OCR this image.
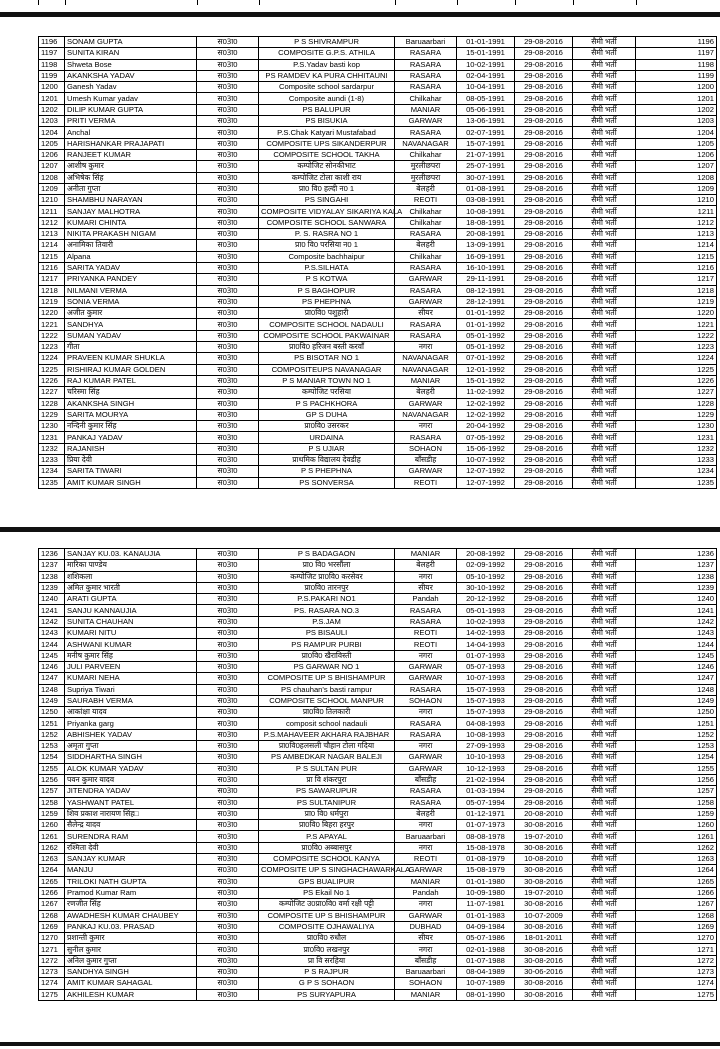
1196	SONAM GUPTA	स03ा0	P S SHIVRAMPUR	Baruaarbari	01-01-1991	29-08-2016	सैमी भर्ती	1196
1197	SUNITA KIRAN	स03ा0	COMPOSITE G.P.S. ATHILA	RASARA	15-01-1991	29-08-2016	सैमी भर्ती	1197
1198	Shweta Bose	स03ा0	P.S.Yadav basti kop	RASARA	10-02-1991	29-08-2016	सैमी भर्ती	1198
1199	AKANKSHA YADAV	स03ा0	PS RAMDEV KA PURA CHHITAUNI	RASARA	02-04-1991	29-08-2016	सैमी भर्ती	1199
1200	Ganesh Yadav	स03ा0	Composite school sardarpur	RASARA	10-04-1991	29-08-2016	सैमी भर्ती	1200
1201	Umesh Kumar yadav	स03ा0	Composite aundi (1-8)	Chilkahar	08-05-1991	29-08-2016	सैमी भर्ती	1201
1202	DILIP KUMAR GUPTA	स03ा0	PS BALUPUR	MANIAR	05-06-1991	29-08-2016	सैमी भर्ती	1202
1203	PRITI VERMA	स03ा0	PS BISUKIA	GARWAR	13-06-1991	29-08-2016	सैमी भर्ती	1203
1204	Anchal	स03ा0	P.S.Chak Katyari Mustafabad	RASARA	02-07-1991	29-08-2016	सैमी भर्ती	1204
1205	HARISHANKAR PRAJAPATI	स03ा0	COMPOSITE UPS SIKANDERPUR	NAVANAGAR	15-07-1991	29-08-2016	सैमी भर्ती	1205
1206	RANJEET KUMAR	स03ा0	COMPOSITE SCHOOL TAKHA	Chilkahar	21-07-1991	29-08-2016	सैमी भर्ती	1206
1207	आशीष कुमार	स03ा0	कम्पोजिट सोनकीभाट	मुरलीछपरा	25-07-1991	29-08-2016	सैमी भर्ती	1207
1208	अभिषेक सिंह	स03ा0	कम्पोजिट टोला काशी राय	मुरलीछपरा	30-07-1991	29-08-2016	सैमी भर्ती	1208
1209	अनीता गुप्ता	स03ा0	प्रा0 वि0 हल्दी न0 1	बेलहरी	01-08-1991	29-08-2016	सैमी भर्ती	1209
1210	SHAMBHU NARAYAN	स03ा0	PS SINGAHI	REOTI	03-08-1991	29-08-2016	सैमी भर्ती	1210
1211	SANJAY MALHOTRA	स03ा0	COMPOSITE VIDYALAY SIKARIYA KALA	Chilkahar	10-08-1991	29-08-2016	सैमी भर्ती	1211
1212	KUMARI CHINTA	स03ा0	COMPOSITE SCHOOL SANWARA	Chilkahar	18-08-1991	29-08-2016	सैमी भर्ती	1212
1213	NIKITA PRAKASH NIGAM	स03ा0	P. S. RASRA NO 1	RASARA	20-08-1991	29-08-2016	सैमी भर्ती	1213
1214	अनामिका तिवारी	स03ा0	प्रा0 वि0 परसिया न0 1	बेलहरी	13-09-1991	29-08-2016	सैमी भर्ती	1214
1215	Alpana	स03ा0	Composite bachhaipur	Chilkahar	16-09-1991	29-08-2016	सैमी भर्ती	1215
1216	SARITA YADAV	स03ा0	P.S.SILHATA	RASARA	16-10-1991	29-08-2016	सैमी भर्ती	1216
1217	PRIYANKA PANDEY	स03ा0	P S KOTWA	GARWAR	29-11-1991	29-08-2016	सैमी भर्ती	1217
1218	NILMANI VERMA	स03ा0	P S BAGHOPUR	RASARA	08-12-1991	29-08-2016	सैमी भर्ती	1218
1219	SONIA VERMA	स03ा0	PS PHEPHNA	GARWAR	28-12-1991	29-08-2016	सैमी भर्ती	1219
1220	अजीत कुमार	स03ा0	प्रा0वि0 पशुहारी	सीयर	01-01-1992	29-08-2016	सैमी भर्ती	1220
1221	SANDHYA	स03ा0	COMPOSITE SCHOOL NADAULI	RASARA	01-01-1992	29-08-2016	सैमी भर्ती	1221
1222	SUMAN YADAV	स03ा0	COMPOSITE SCHOOL PAKWAINAR	RASARA	05-01-1992	29-08-2016	सैमी भर्ती	1222
1223	गीता	स03ा0	प्रा0वि0 हरिजन बस्ती करवाँ	नगरा	05-01-1992	29-08-2016	सैमी भर्ती	1223
1224	PRAVEEN KUMAR SHUKLA	स03ा0	PS BISOTAR NO 1	NAVANAGAR	07-01-1992	29-08-2016	सैमी भर्ती	1224
1225	RISHIRAJ KUMAR GOLDEN	स03ा0	COMPOSITEUPS NAVANAGAR	NAVANAGAR	12-01-1992	29-08-2016	सैमी भर्ती	1225
1226	RAJ KUMAR PATEL	स03ा0	P S MANIAR TOWN NO 1	MANIAR	15-01-1992	29-08-2016	सैमी भर्ती	1226
1227	चरिस्मा सिंह	स03ा0	कम्पोजिट परसिया	बेलहरी	11-02-1992	29-08-2016	सैमी भर्ती	1227
1228	AKANKSHA SINGH	स03ा0	P S PACHKHORA	GARWAR	12-02-1992	29-08-2016	सैमी भर्ती	1228
1229	SARITA MOURYA	स03ा0	GP S DUHA	NAVANAGAR	12-02-1992	29-08-2016	सैमी भर्ती	1229
1230	नन्दिनी कुमार सिंह	स03ा0	प्रा0वि0 उसरकर	नगरा	20-04-1992	29-08-2016	सैमी भर्ती	1230
1231	PANKAJ YADAV	स03ा0	URDAINA	RASARA	07-05-1992	29-08-2016	सैमी भर्ती	1231
1232	RAJANISH	स03ा0	P S UJIAR	SOHAON	15-06-1992	29-08-2016	सैमी भर्ती	1232
1233	प्रिया देवी	स03ा0	प्राथमिक विद्यालय देवडीह	बाँसडीह	10-07-1992	29-08-2016	सैमी भर्ती	1233
1234	SARITA TIWARI	स03ा0	P S PHEPHNA	GARWAR	12-07-1992	29-08-2016	सैमी भर्ती	1234
1235	AMIT KUMAR SINGH	स03ा0	PS SONVERSA	REOTI	12-07-1992	29-08-2016	सैमी भर्ती	1235
1236	SANJAY KU.03. KANAUJIA	स03ा0	P S BADAGAON	MANIAR	20-08-1992	29-08-2016	सैमी भर्ती	1236
1237	मारिका पाण्डेय	स03ा0	प्रा0 वि0 भरसौंला	बेलहरी	02-09-1992	29-08-2016	सैमी भर्ती	1237
1238	शशिकला	स03ा0	कम्पोजिट प्रा0वि0 करसेवर	नगरा	05-10-1992	29-08-2016	सैमी भर्ती	1238
1239	अमित कुमार भारती	स03ा0	प्रा0वि0 तारनपुर	सीयर	30-10-1992	29-08-2016	सैमी भर्ती	1239
1240	ARATI GUPTA	स03ा0	P.S.PAKARI NO1	Pandah	20-12-1992	29-08-2016	सैमी भर्ती	1240
1241	SANJU KANNAUJIA	स03ा0	PS. RASARA NO.3	RASARA	05-01-1993	29-08-2016	सैमी भर्ती	1241
1242	SUNITA CHAUHAN	स03ा0	P.S.JAM	RASARA	10-02-1993	29-08-2016	सैमी भर्ती	1242
1243	KUMARI NITU	स03ा0	PS BISAULI	REOTI	14-02-1993	29-08-2016	सैमी भर्ती	1243
1244	ASHWANI KUMAR	स03ा0	PS RAMPUR PURBI	REOTI	14-04-1993	29-08-2016	सैमी भर्ती	1244
1245	मनीष कुमार सिंह	स03ा0	प्रा0वि0 खैराविस्ती	नगरा	01-07-1993	29-08-2016	सैमी भर्ती	1245
1246	JULI PARVEEN	स03ा0	PS GARWAR NO 1	GARWAR	05-07-1993	29-08-2016	सैमी भर्ती	1246
1247	KUMARI NEHA	स03ा0	COMPOSITE UP S BHISHAMPUR	GARWAR	10-07-1993	29-08-2016	सैमी भर्ती	1247
1248	Supriya Tiwari	स03ा0	PS chauhan's basti rampur	RASARA	15-07-1993	29-08-2016	सैमी भर्ती	1248
1249	SAURABH VERMA	स03ा0	COMPOSITE SCHOOL MANPUR	SOHAON	15-07-1993	29-08-2016	सैमी भर्ती	1249
1250	आकांक्षा यादव	स03ा0	प्रा0वि0 तिलकारी	नगरा	15-07-1993	29-08-2016	सैमी भर्ती	1250
1251	Priyanka garg	स03ा0	composit school nadauli	RASARA	04-08-1993	29-08-2016	सैमी भर्ती	1251
1252	ABHISHEK YADAV	स03ा0	P.S.MAHAVEER AKHARA RAJBHAR	RASARA	10-08-1993	29-08-2016	सैमी भर्ती	1252
1253	अमृता गुप्ता	स03ा0	प्रा0वि0हलसली चौहान टोला गदिया	नगरा	27-09-1993	29-08-2016	सैमी भर्ती	1253
1254	SIDDHARTHA SINGH	स03ा0	PS AMBEDKAR NAGAR BALEJI	GARWAR	10-10-1993	29-08-2016	सैमी भर्ती	1254
1255	ALOK KUMAR YADAV	स03ा0	P S SULTAN PUR	GARWAR	10-12-1993	29-08-2016	सैमी भर्ती	1255
1256	पवन कुमार यादव	स03ा0	प्रा वि शंकरपुरा	बाँसडीह	21-02-1994	29-08-2016	सैमी भर्ती	1256
1257	JITENDRA YADAV	स03ा0	PS SAWARUPUR	RASARA	01-03-1994	29-08-2016	सैमी भर्ती	1257
1258	YASHWANT PATEL	स03ा0	PS SULTANIPUR	RASARA	05-07-1994	29-08-2016	सैमी भर्ती	1258
1259	शिव प्रकाश नारायण सिंह□	स03ा0	प्रा0 वि0 धर्मपुरा	बेलहरी	01-12-1971	20-08-2010	सैमी भर्ती	1259
1260	सैलेन्द्र यादव	स03ा0	प्रा0वि0 बिहरा हरपुर	नगरा	01-07-1973	30-08-2016	सैमी भर्ती	1260
1261	SURENDRA RAM	स03ा0	P.S APAYAL	Baruaarbari	08-08-1978	19-07-2010	सैमी भर्ती	1261
1262	रश्मिता देवी	स03ा0	प्रा0वि0 अब्बासपुर	नगरा	15-08-1978	30-08-2016	सैमी भर्ती	1262
1263	SANJAY KUMAR	स03ा0	COMPOSITE SCHOOL KANYA	REOTI	01-08-1979	10-08-2010	सैमी भर्ती	1263
1264	MANJU	स03ा0	COMPOSITE UP S SINGHACHAWARKALA	GARWAR	15-08-1979	30-08-2016	सैमी भर्ती	1264
1265	TRILOKI NATH GUPTA	स03ा0	GPS BUALIPUR	MANIAR	01-01-1980	30-08-2016	सैमी भर्ती	1265
1266	Pramod Kumar Ram	स03ा0	PS Ekail No 1	Pandah	10-09-1980	19-07-2010	सैमी भर्ती	1266
1267	रणजीत सिंह	स03ा0	कम्पोजिट उ0प्रा0वि0 वर्मा रक्षी पट्टी	नगरा	11-07-1981	30-08-2016	सैमी भर्ती	1267
1268	AWADHESH KUMAR CHAUBEY	स03ा0	COMPOSITE UP S BHISHAMPUR	GARWAR	01-01-1983	10-07-2009	सैमी भर्ती	1268
1269	PANKAJ KU.03. PRASAD	स03ा0	COMPOSITE OJHAWALIYA	DUBHAD	04-09-1984	30-08-2016	सैमी भर्ती	1269
1270	प्रशान्ती कुमार	स03ा0	प्रा0वि0 रुधौल	सीयर	05-07-1986	18-01-2011	सैमी भर्ती	1270
1271	सुनील कुमार	स03ा0	प्रा0वि0 लखनपुर	नगरा	02-01-1988	30-08-2016	सैमी भर्ती	1271
1272	अनिल कुमार गुप्ता	स03ा0	प्रा वि सरहिया	बाँसडीह	01-07-1988	30-08-2016	सैमी भर्ती	1272
1273	SANDHYA SINGH	स03ा0	P S RAJPUR	Baruaarbari	08-04-1989	30-06-2016	सैमी भर्ती	1273
1274	AMIT KUMAR SAHAGAL	स03ा0	G P S SOHAON	SOHAON	10-07-1989	30-08-2016	सैमी भर्ती	1274
1275	AKHILESH KUMAR	स03ा0	PS SURYAPURA	MANIAR	08-01-1990	30-08-2016	सैमी भर्ती	1275
